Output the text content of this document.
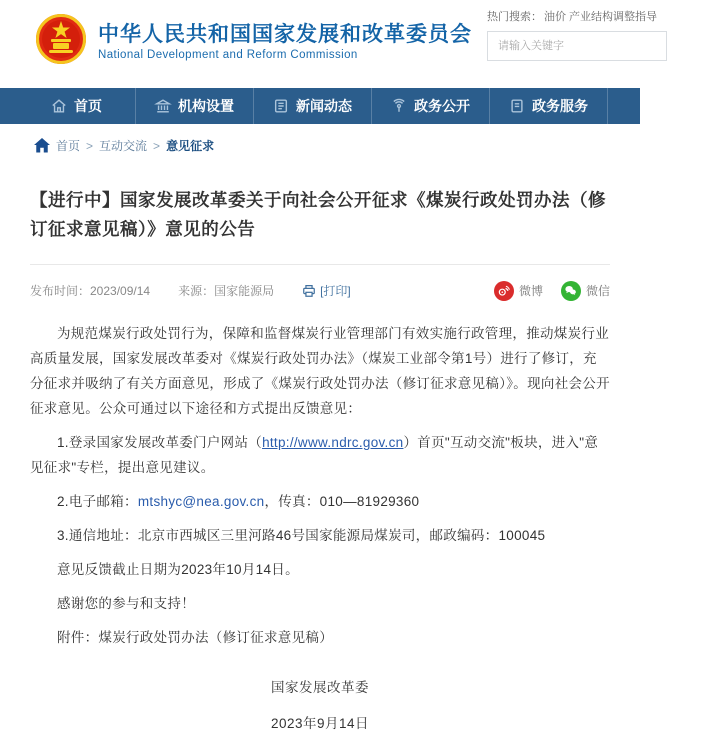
中华人民共和国国家发展和改革委员会
National Development and Reform Commission
热门搜索： 油价 产业结构调整指导
请输入关键字
首页	机构设置	新闻动态	政务公开	政务服务
首页 > 互动交流 > 意见征求
【进行中】国家发展改革委关于向社会公开征求《煤炭行政处罚办法（修订征求意见稿）》意见的公告
发布时间：2023/09/14 来源：国家能源局	[打印]	微博	微信

为规范煤炭行政处罚行为，保障和监督煤炭行业管理部门有效实施行政管理，推动煤炭行业高质量发展，国家发展改革委对《煤炭行政处罚办法》（煤炭工业部令第1号）进行了修订，充分征求并吸纳了有关方面意见，形成了《煤炭行政处罚办法（修订征求意见稿）》。现向社会公开征求意见。公众可通过以下途径和方式提出反馈意见：

1.登录国家发展改革委门户网站（http://www.ndrc.gov.cn）首页"互动交流"板块，进入"意见征求"专栏，提出意见建议。

2.电子邮箱：mtshyc@nea.gov.cn，传真：010—81929360

3.通信地址：北京市西城区三里河路46号国家能源局煤炭司，邮政编码：100045

意见反馈截止日期为2023年10月14日。

感谢您的参与和支持！

附件：煤炭行政处罚办法（修订征求意见稿）

国家发展改革委
2023年9月14日
